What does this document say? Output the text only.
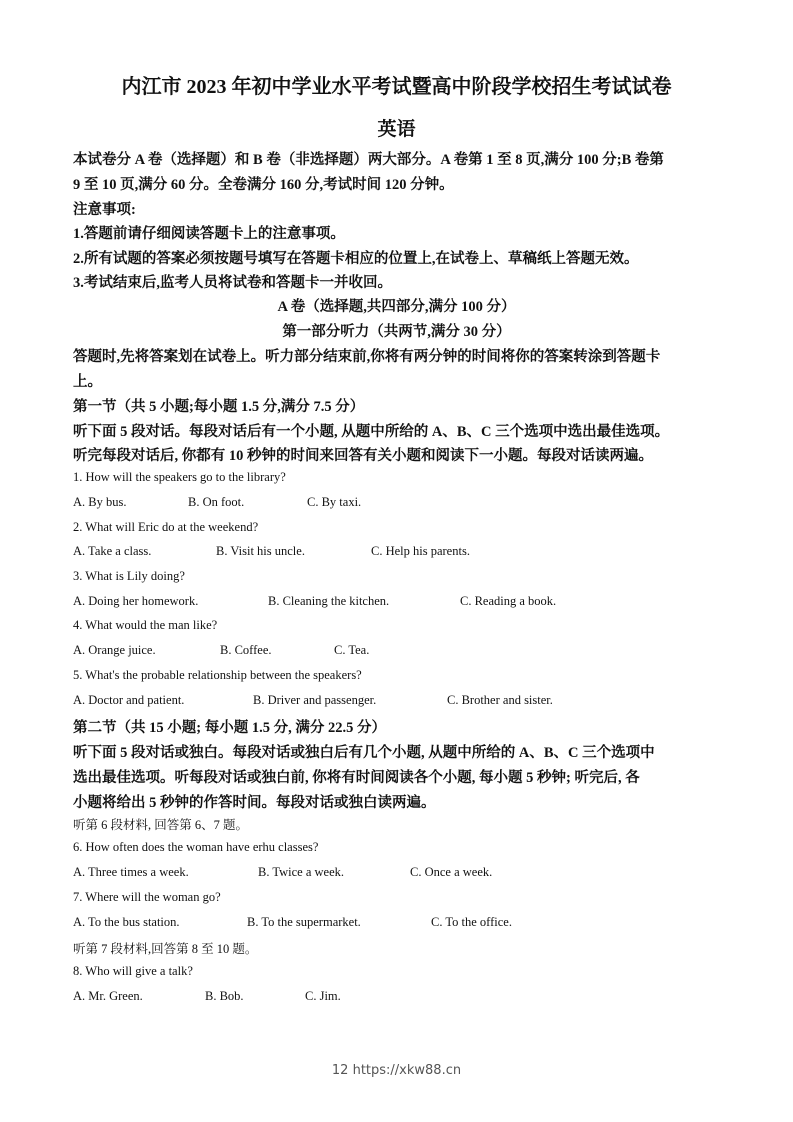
内江市 2023 年初中学业水平考试暨高中阶段学校招生考试试卷
英语
本试卷分 A 卷（选择题）和 B 卷（非选择题）两大部分。A 卷第 1 至 8 页,满分 100 分;B 卷第
9 至 10 页,满分 60 分。全卷满分 160 分,考试时间 120 分钟。
注意事项:
1.答题前请仔细阅读答题卡上的注意事项。
2.所有试题的答案必须按题号填写在答题卡相应的位置上,在试卷上、草稿纸上答题无效。
3.考试结束后,监考人员将试卷和答题卡一并收回。
A 卷（选择题,共四部分,满分 100 分）
第一部分听力（共两节,满分 30 分）
答题时,先将答案划在试卷上。听力部分结束前,你将有两分钟的时间将你的答案转涂到答题卡
上。
第一节（共 5 小题;每小题 1.5 分,满分 7.5 分）
听下面 5 段对话。每段对话后有一个小题, 从题中所给的 A、B、C 三个选项中选出最佳选项。
听完每段对话后, 你都有 10 秒钟的时间来回答有关小题和阅读下一小题。每段对话读两遍。
1. How will the speakers go to the library?
A. By bus.	B. On foot.	C. By taxi.
2. What will Eric do at the weekend?
A. Take a class.	B. Visit his uncle.	C. Help his parents.
3. What is Lily doing?
A. Doing her homework.	B. Cleaning the kitchen.	C. Reading a book.
4. What would the man like?
A. Orange juice.	B. Coffee.	C. Tea.
5. What's the probable relationship between the speakers?
A. Doctor and patient.	B. Driver and passenger.	C. Brother and sister.
第二节（共 15 小题; 每小题 1.5 分, 满分 22.5 分）
听下面 5 段对话或独白。每段对话或独白后有几个小题, 从题中所给的 A、B、C 三个选项中
选出最佳选项。听每段对话或独白前, 你将有时间阅读各个小题, 每小题 5 秒钟; 听完后, 各
小题将给出 5 秒钟的作答时间。每段对话或独白读两遍。
听第 6 段材料, 回答第 6、7 题。
6. How often does the woman have erhu classes?
A. Three times a week.	B. Twice a week.	C. Once a week.
7. Where will the woman go?
A. To the bus station.	B. To the supermarket.	C. To the office.
听第 7 段材料,回答第 8 至 10 题。
8. Who will give a talk?
A. Mr. Green.	B. Bob.	C. Jim.
12 https://xkw88.cn
